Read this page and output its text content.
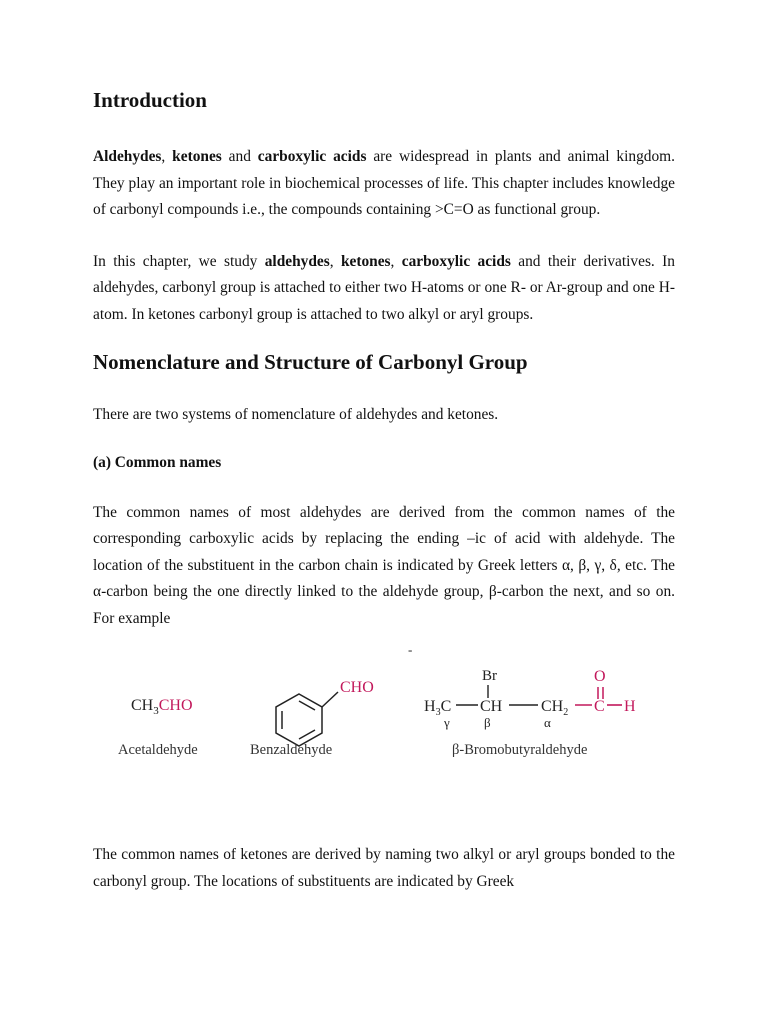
Introduction

Aldehydes, ketones and carboxylic acids are widespread in plants and animal kingdom. They play an important role in biochemical processes of life. This chapter includes knowledge of carbonyl compounds i.e., the compounds containing >C=O as functional group.

In this chapter, we study aldehydes, ketones, carboxylic acids and their derivatives. In aldehydes, carbonyl group is attached to either two H-atoms or one R- or Ar-group and one H-atom. In ketones carbonyl group is attached to two alkyl or aryl groups.

Nomenclature and Structure of Carbonyl Group

There are two systems of nomenclature of aldehydes and ketones.

(a) Common names

The common names of most aldehydes are derived from the common names of the corresponding carboxylic acids by replacing the ending –ic of acid with aldehyde. The location of the substituent in the carbon chain is indicated by Greek letters α, β, γ, δ, etc. The α-carbon being the one directly linked to the aldehyde group, β-carbon the next, and so on. For example

-
$CH_3CHO$
Acetaldehyde
CHO
Benzaldehyde
Br
$H_3C$ CH $CH_2$ C
O
H
γ	β	α
β-Bromobutyraldehyde

The common names of ketones are derived by naming two alkyl or aryl groups bonded to the carbonyl group. The locations of substituents are indicated by Greek
